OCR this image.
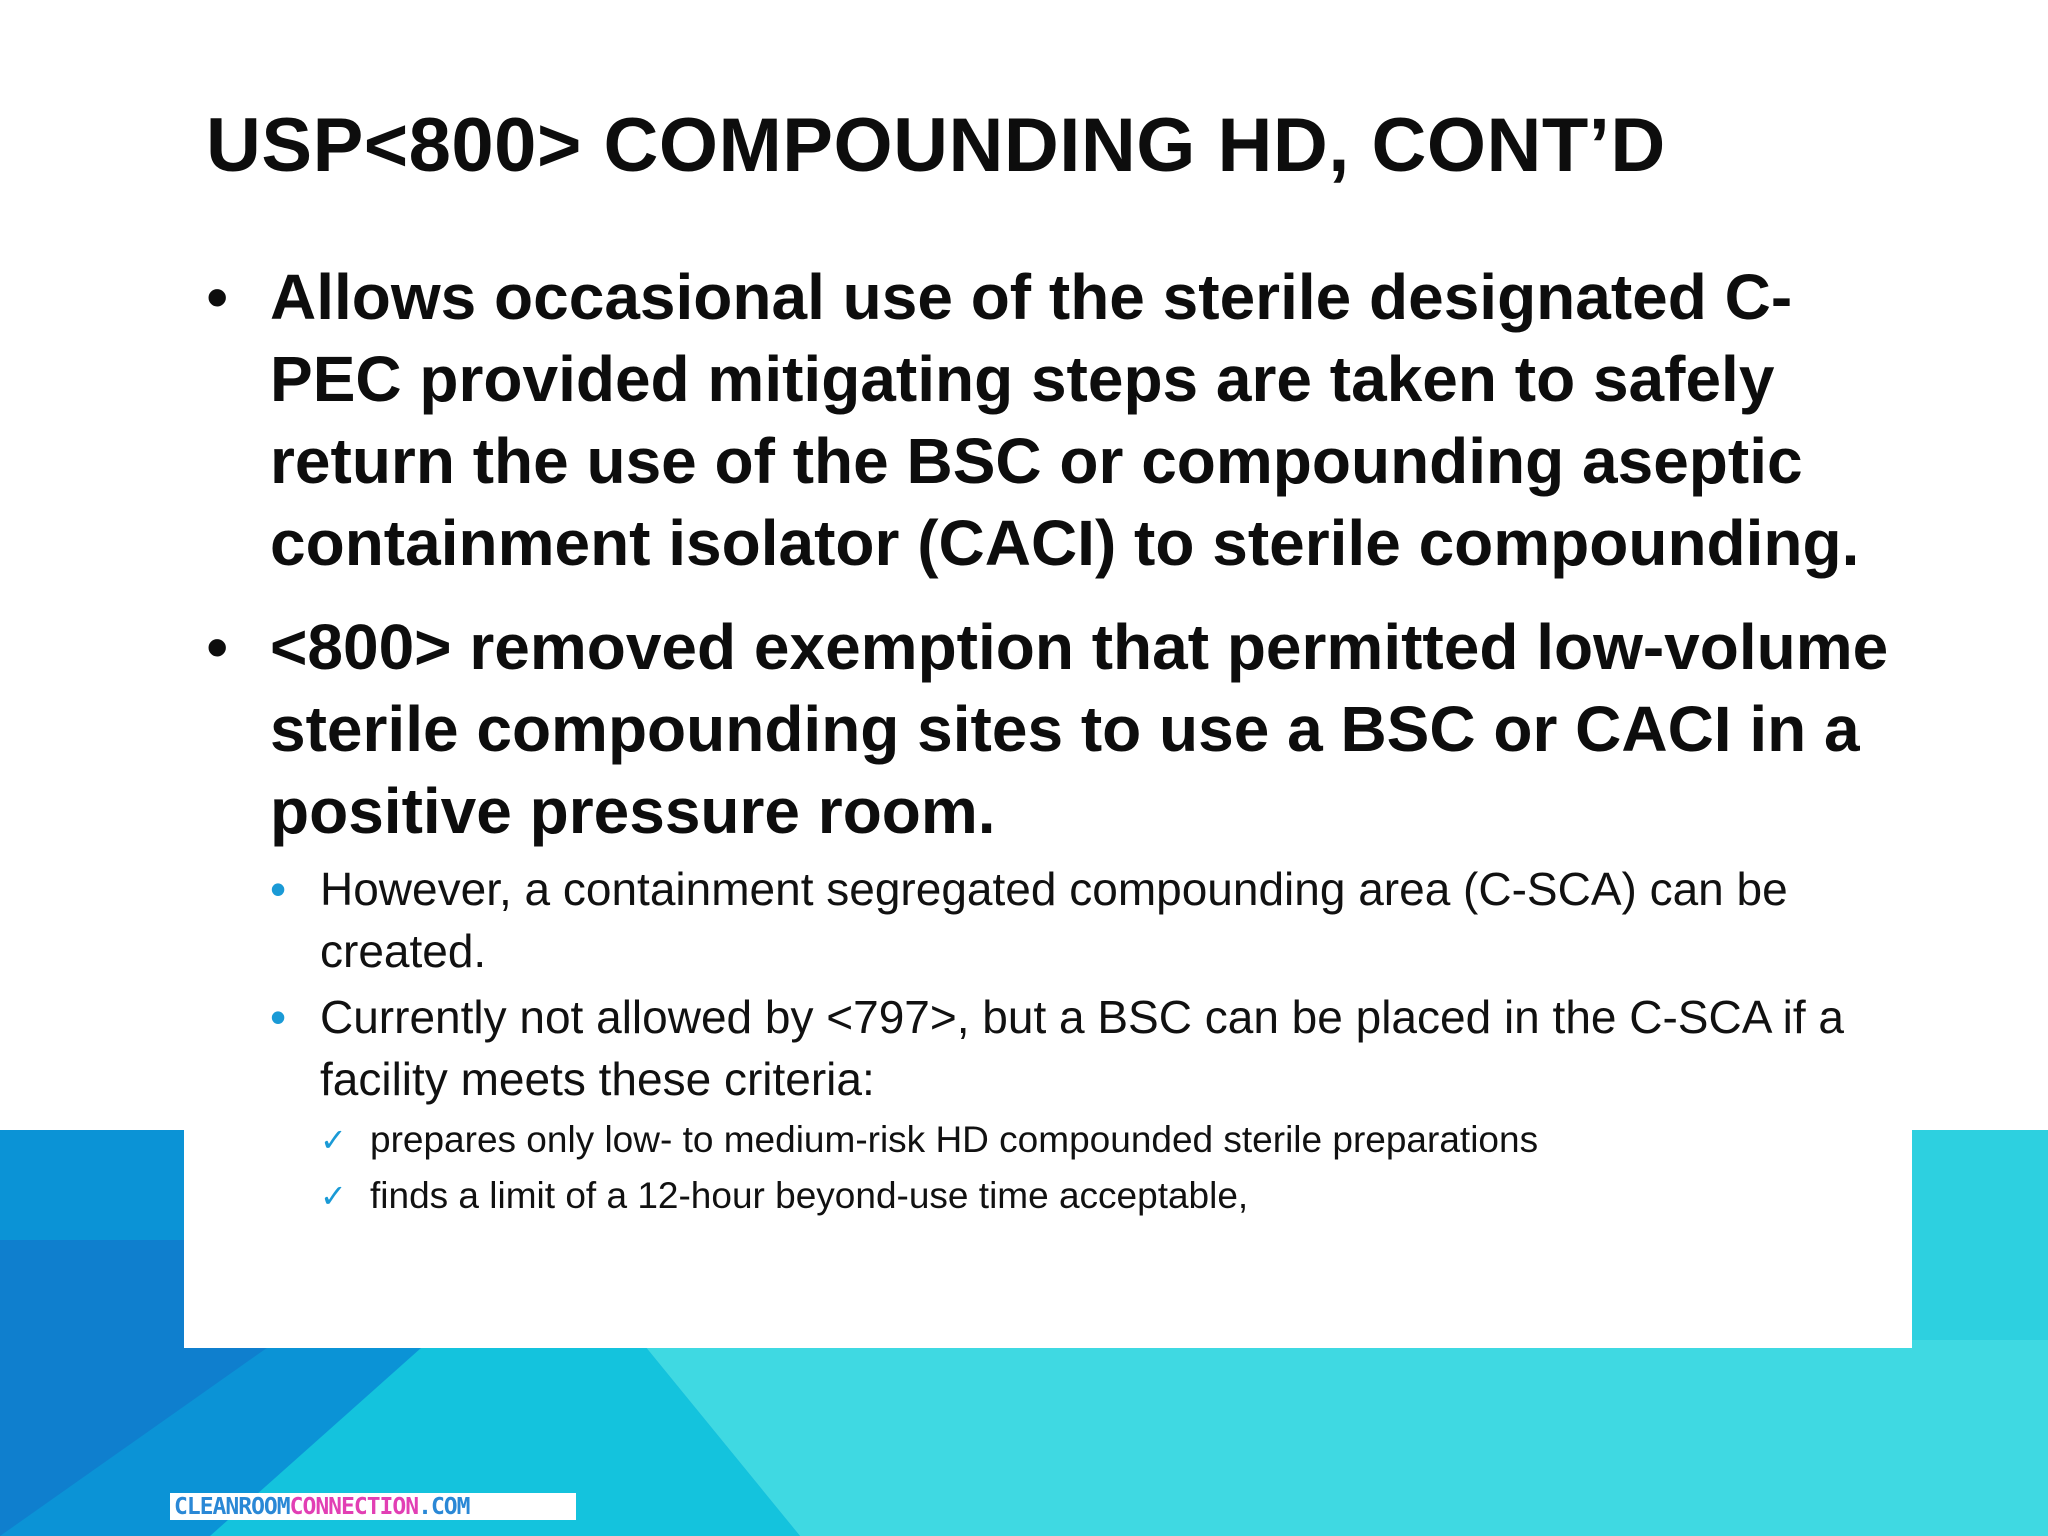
USP<800> COMPOUNDING HD, CONT’D
• Allows occasional use of the sterile designated C-PEC provided mitigating steps are taken to safely return the use of the BSC or compounding aseptic containment isolator (CACI) to sterile compounding.
• <800> removed exemption that permitted low-volume sterile compounding sites to use a BSC or CACI in a positive pressure room.
• However, a containment segregated compounding area (C-SCA) can be created.
• Currently not allowed by <797>, but a BSC can be placed in the C-SCA if a facility meets these criteria:
✓ prepares only low- to medium-risk HD compounded sterile preparations
✓ finds a limit of a 12-hour beyond-use time acceptable,
CLEANROOM CONNECTION .COM
